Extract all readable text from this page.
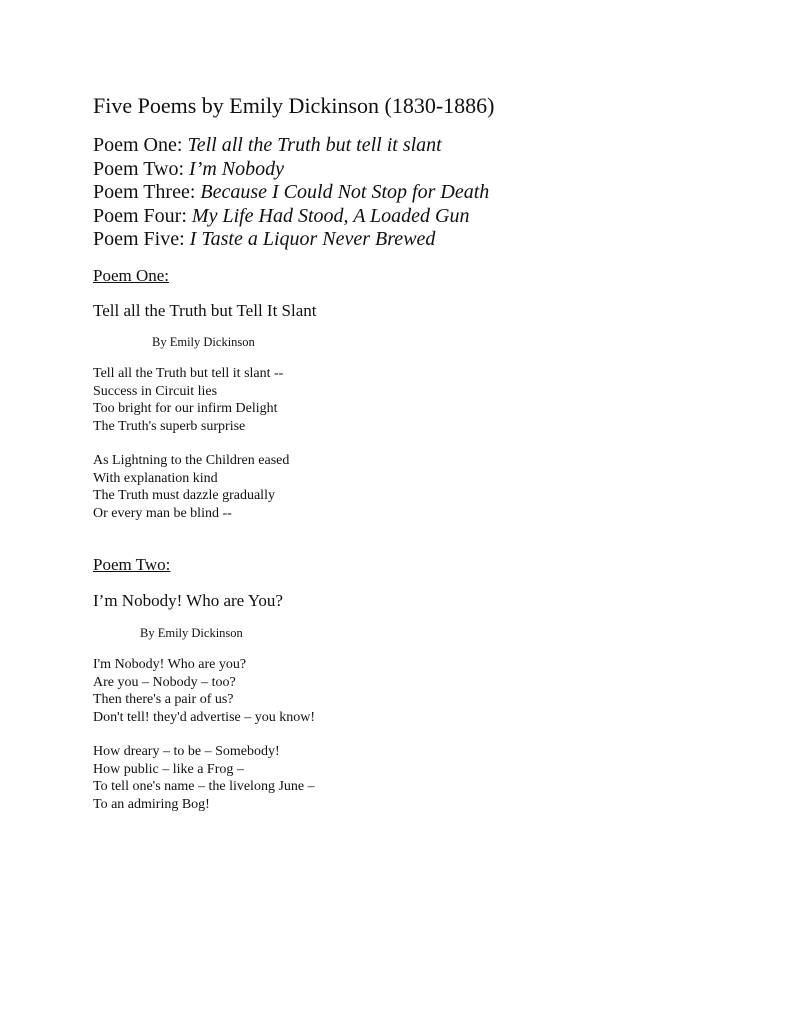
Five Poems by Emily Dickinson (1830-1886)
Poem One: Tell all the Truth but tell it slant
Poem Two: I’m Nobody
Poem Three: Because I Could Not Stop for Death
Poem Four: My Life Had Stood, A Loaded Gun
Poem Five: I Taste a Liquor Never Brewed
Poem One:
Tell all the Truth but Tell It Slant
By Emily Dickinson
Tell all the Truth but tell it slant --
Success in Circuit lies
Too bright for our infirm Delight
The Truth's superb surprise
As Lightning to the Children eased
With explanation kind
The Truth must dazzle gradually
Or every man be blind --
Poem Two:
I’m Nobody! Who are You?
By Emily Dickinson
I'm Nobody! Who are you?
Are you – Nobody – too?
Then there's a pair of us?
Don't tell! they'd advertise – you know!
How dreary – to be – Somebody!
How public – like a Frog –
To tell one's name – the livelong June –
To an admiring Bog!
